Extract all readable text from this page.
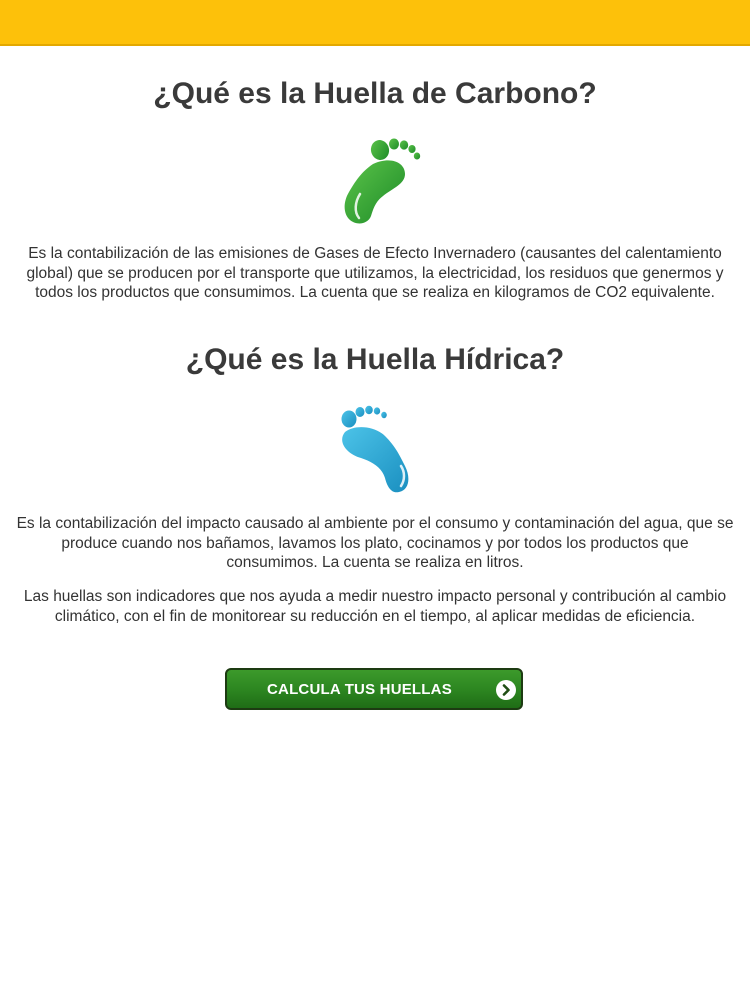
¿Qué es la Huella de Carbono?

Es la contabilización de las emisiones de Gases de Efecto Invernadero (causantes del calentamiento global) que se producen por el transporte que utilizamos, la electricidad, los residuos que genermos y todos los productos que consumimos. La cuenta que se realiza en kilogramos de CO2 equivalente.

¿Qué es la Huella Hídrica?

Es la contabilización del impacto causado al ambiente por el consumo y contaminación del agua, que se produce cuando nos bañamos, lavamos los plato, cocinamos y por todos los productos que consumimos. La cuenta se realiza en litros.

Las huellas son indicadores que nos ayuda a medir nuestro impacto personal y contribución al cambio climático, con el fin de monitorear su reducción en el tiempo, al aplicar medidas de eficiencia.

CALCULA TUS HUELLAS
